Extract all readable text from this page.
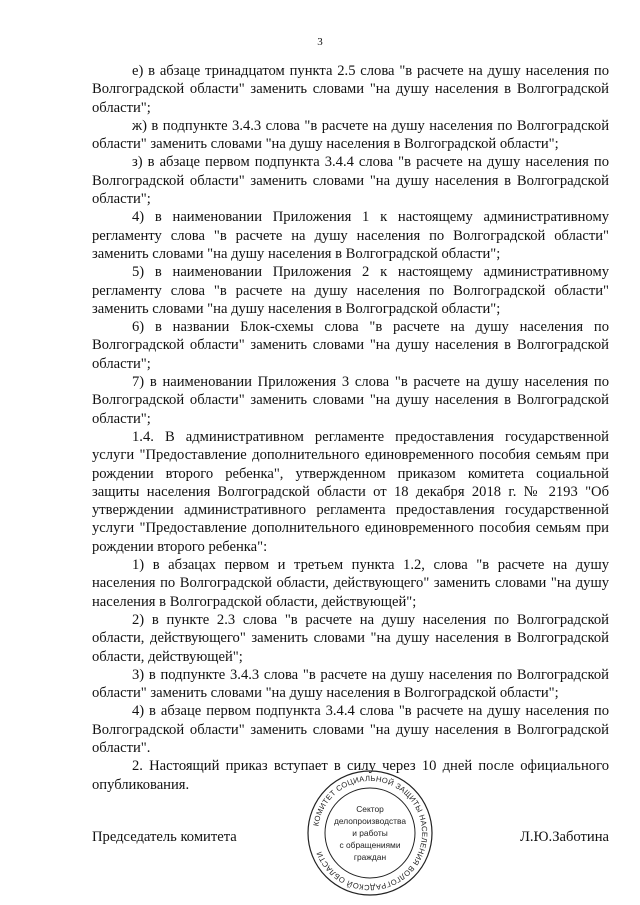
3

е) в абзаце тринадцатом пункта 2.5 слова "в расчете на душу населения по Волгоградской области" заменить словами "на душу населения в Волгоградской области";

ж) в подпункте 3.4.3 слова "в расчете на душу населения по Волгоградской области" заменить словами "на душу населения в Волгоградской области";

з) в абзаце первом подпункта 3.4.4 слова "в расчете на душу населения по Волгоградской области" заменить словами "на душу населения в Волгоградской области";

4) в наименовании Приложения 1 к настоящему административному регламенту слова "в расчете на душу населения по Волгоградской области" заменить словами "на душу населения в Волгоградской области";

5) в наименовании Приложения 2 к настоящему административному регламенту слова "в расчете на душу населения по Волгоградской области" заменить словами "на душу населения в Волгоградской области";

6) в названии Блок-схемы слова "в расчете на душу населения по Волгоградской области" заменить словами "на душу населения в Волгоградской области";

7) в наименовании Приложения 3 слова "в расчете на душу населения по Волгоградской области" заменить словами "на душу населения в Волгоградской области";

1.4. В административном регламенте предоставления государственной услуги "Предоставление дополнительного единовременного пособия семьям при рождении второго ребенка", утвержденном приказом комитета социальной защиты населения Волгоградской области от 18 декабря 2018 г. № 2193 "Об утверждении административного регламента предоставления государственной услуги "Предоставление дополнительного единовременного пособия семьям при рождении второго ребенка":

1) в абзацах первом и третьем пункта 1.2, слова "в расчете на душу населения по Волгоградской области, действующего" заменить словами "на душу населения в Волгоградской области, действующей";

2) в пункте 2.3 слова "в расчете на душу населения по Волгоградской области, действующего" заменить словами "на душу населения в Волгоградской области, действующей";

3) в подпункте 3.4.3 слова "в расчете на душу населения по Волгоградской области" заменить словами "на душу населения в Волгоградской области";

4) в абзаце первом подпункта 3.4.4 слова "в расчете на душу населения по Волгоградской области" заменить словами "на душу населения в Волгоградской области".

2. Настоящий приказ вступает в силу через 10 дней после официального опубликования.

Председатель комитета	Л.Ю.Заботина
КОМИТЕТ СОЦИАЛЬНОЙ ЗАЩИТЫ НАСЕЛЕНИЯ ВОЛГОГРАДСКОЙ ОБЛАСТИ
Сектор
делопроизводства
и работы
с обращениями
граждан
